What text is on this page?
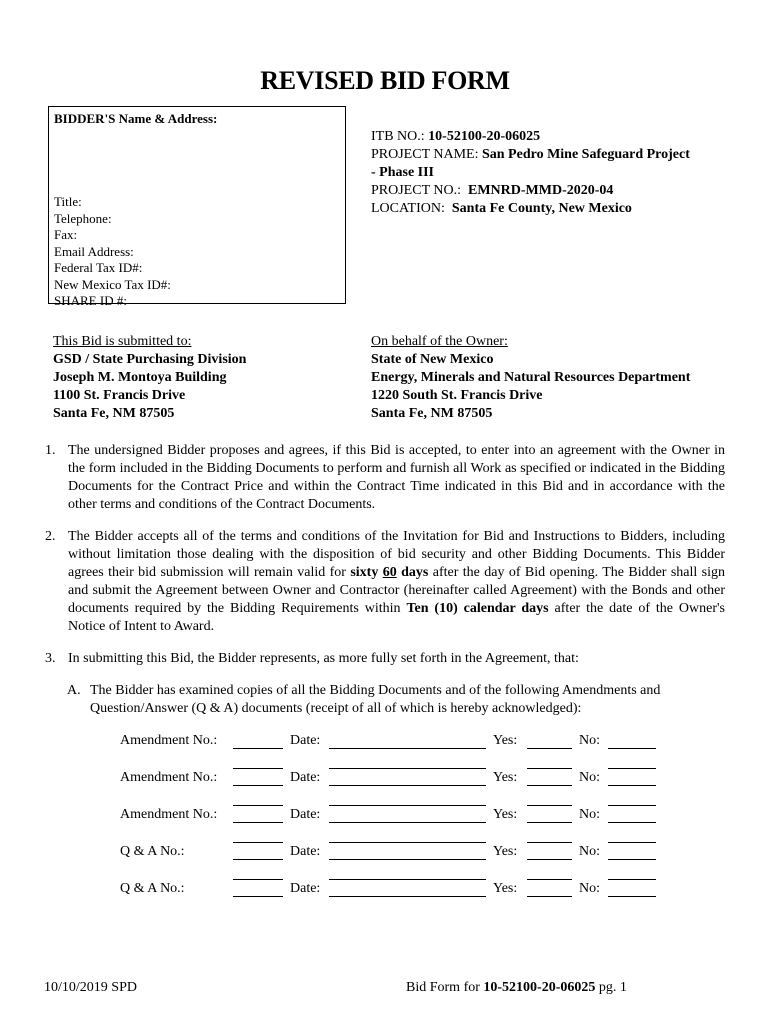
REVISED BID FORM
BIDDER'S Name & Address:
Title:
Telephone:
Fax:
Email Address:
Federal Tax ID#:
New Mexico Tax ID#:
SHARE ID #:
ITB NO.: 10-52100-20-06025
PROJECT NAME: San Pedro Mine Safeguard Project
- Phase III
PROJECT NO.:  EMNRD-MMD-2020-04
LOCATION:  Santa Fe County, New Mexico
This Bid is submitted to:
GSD / State Purchasing Division
Joseph M. Montoya Building
1100 St. Francis Drive
Santa Fe, NM 87505
On behalf of the Owner:
State of New Mexico
Energy, Minerals and Natural Resources Department
1220 South St. Francis Drive
Santa Fe, NM 87505
1. The undersigned Bidder proposes and agrees, if this Bid is accepted, to enter into an agreement with the Owner in the form included in the Bidding Documents to perform and furnish all Work as specified or indicated in the Bidding Documents for the Contract Price and within the Contract Time indicated in this Bid and in accordance with the other terms and conditions of the Contract Documents.
2. The Bidder accepts all of the terms and conditions of the Invitation for Bid and Instructions to Bidders, including without limitation those dealing with the disposition of bid security and other Bidding Documents. This Bidder agrees their bid submission will remain valid for sixty 60 days after the day of Bid opening. The Bidder shall sign and submit the Agreement between Owner and Contractor (hereinafter called Agreement) with the Bonds and other documents required by the Bidding Requirements within Ten (10) calendar days after the date of the Owner's Notice of Intent to Award.
3. In submitting this Bid, the Bidder represents, as more fully set forth in the Agreement, that:
A. The Bidder has examined copies of all the Bidding Documents and of the following Amendments and Question/Answer (Q & A) documents (receipt of all of which is hereby acknowledged):
Amendment No.:	Date:	Yes:	No:
Amendment No.:	Date:	Yes:	No:
Amendment No.:	Date:	Yes:	No:
Q & A No.:	Date:	Yes:	No:
Q & A No.:	Date:	Yes:	No:
10/10/2019 SPD	Bid Form for 10-52100-20-06025 pg. 1
